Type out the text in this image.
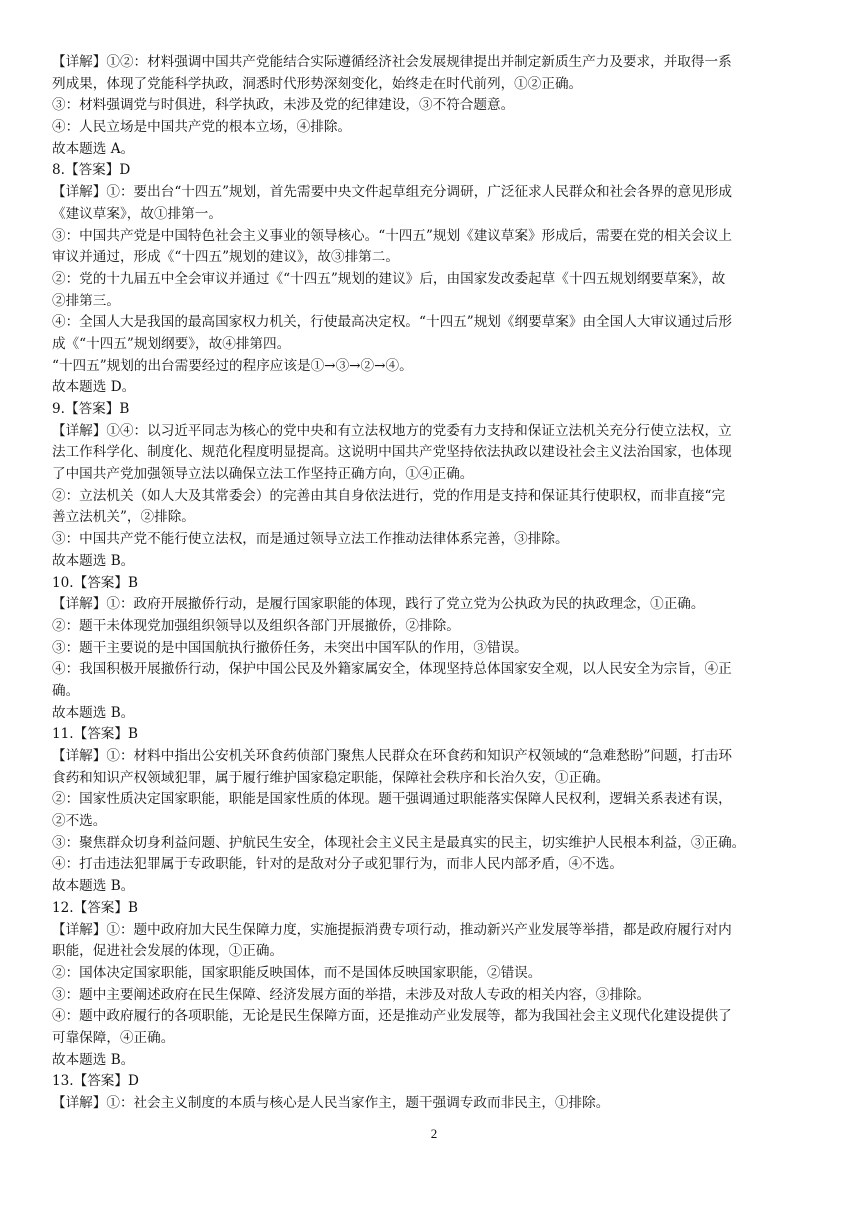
【详解】①②：材料强调中国共产党能结合实际遵循经济社会发展规律提出并制定新质生产力及要求，并取得一系
列成果，体现了党能科学执政，洞悉时代形势深刻变化，始终走在时代前列，①②正确。
③：材料强调党与时俱进，科学执政，未涉及党的纪律建设，③不符合题意。
④：人民立场是中国共产党的根本立场，④排除。
故本题选 A。
8.【答案】D
【详解】①：要出台“十四五”规划，首先需要中央文件起草组充分调研，广泛征求人民群众和社会各界的意见形成
《建议草案》，故①排第一。
③：中国共产党是中国特色社会主义事业的领导核心。“十四五”规划《建议草案》形成后，需要在党的相关会议上
审议并通过，形成《“十四五”规划的建议》，故③排第二。
②：党的十九届五中全会审议并通过《“十四五”规划的建议》后，由国家发改委起草《十四五规划纲要草案》，故
②排第三。
④：全国人大是我国的最高国家权力机关，行使最高决定权。“十四五”规划《纲要草案》由全国人大审议通过后形
成《“十四五”规划纲要》，故④排第四。
“十四五”规划的出台需要经过的程序应该是①→③→②→④。
故本题选 D。
9.【答案】B
【详解】①④：以习近平同志为核心的党中央和有立法权地方的党委有力支持和保证立法机关充分行使立法权，立
法工作科学化、制度化、规范化程度明显提高。这说明中国共产党坚持依法执政以建设社会主义法治国家，也体现
了中国共产党加强领导立法以确保立法工作坚持正确方向，①④正确。
②：立法机关（如人大及其常委会）的完善由其自身依法进行，党的作用是支持和保证其行使职权，而非直接“完
善立法机关”，②排除。
③：中国共产党不能行使立法权，而是通过领导立法工作推动法律体系完善，③排除。
故本题选 B。
10.【答案】B
【详解】①：政府开展撤侨行动，是履行国家职能的体现，践行了党立党为公执政为民的执政理念，①正确。
②：题干未体现党加强组织领导以及组织各部门开展撤侨，②排除。
③：题干主要说的是中国国航执行撤侨任务，未突出中国军队的作用，③错误。
④：我国积极开展撤侨行动，保护中国公民及外籍家属安全，体现坚持总体国家安全观，以人民安全为宗旨，④正
确。
故本题选 B。
11.【答案】B
【详解】①：材料中指出公安机关环食药侦部门聚焦人民群众在环食药和知识产权领域的“急难愁盼”问题，打击环
食药和知识产权领域犯罪，属于履行维护国家稳定职能，保障社会秩序和长治久安，①正确。
②：国家性质决定国家职能，职能是国家性质的体现。题干强调通过职能落实保障人民权利，逻辑关系表述有误，
②不选。
③：聚焦群众切身利益问题、护航民生安全，体现社会主义民主是最真实的民主，切实维护人民根本利益，③正确。
④：打击违法犯罪属于专政职能，针对的是敌对分子或犯罪行为，而非人民内部矛盾，④不选。
故本题选 B。
12.【答案】B
【详解】①：题中政府加大民生保障力度，实施提振消费专项行动，推动新兴产业发展等举措，都是政府履行对内
职能，促进社会发展的体现，①正确。
②：国体决定国家职能，国家职能反映国体，而不是国体反映国家职能，②错误。
③：题中主要阐述政府在民生保障、经济发展方面的举措，未涉及对敌人专政的相关内容，③排除。
④：题中政府履行的各项职能，无论是民生保障方面，还是推动产业发展等，都为我国社会主义现代化建设提供了
可靠保障，④正确。
故本题选 B。
13.【答案】D
【详解】①：社会主义制度的本质与核心是人民当家作主，题干强调专政而非民主，①排除。
2
